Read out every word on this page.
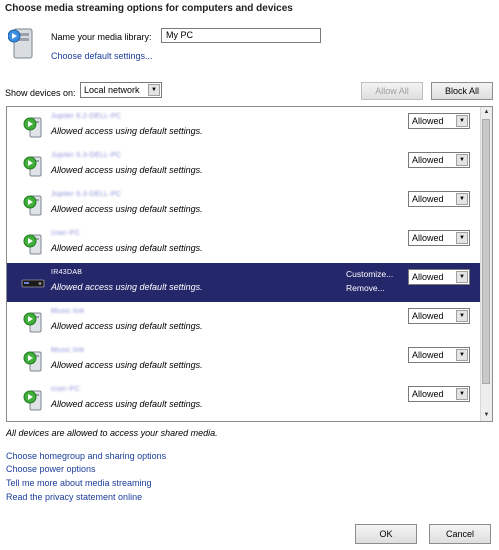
Choose media streaming options for computers and devices
Name your media library:	My PC
Choose default settings...
Show devices on: Local network	▼	Allow All	Block All
Jupiter 6.2-DELL-PC
Allowed access using default settings.
Allowed	▼
Jupiter 6.3-DELL-PC
Allowed access using default settings.
Allowed	▼
Jupiter 6.3-DELL-PC
Allowed access using default settings.
Allowed	▼
User-PC
Allowed access using default settings.
Allowed	▼
IR43DAB
Allowed access using default settings.
Customize...
Remove...
Allowed	▼
Music link
Allowed access using default settings.
Allowed	▼
Music link
Allowed access using default settings.
Allowed	▼
User-PC
Allowed access using default settings.
Allowed	▼
▲
▼
All devices are allowed to access your shared media.
Choose homegroup and sharing options
Choose power options
Tell me more about media streaming
Read the privacy statement online
OK	Cancel
